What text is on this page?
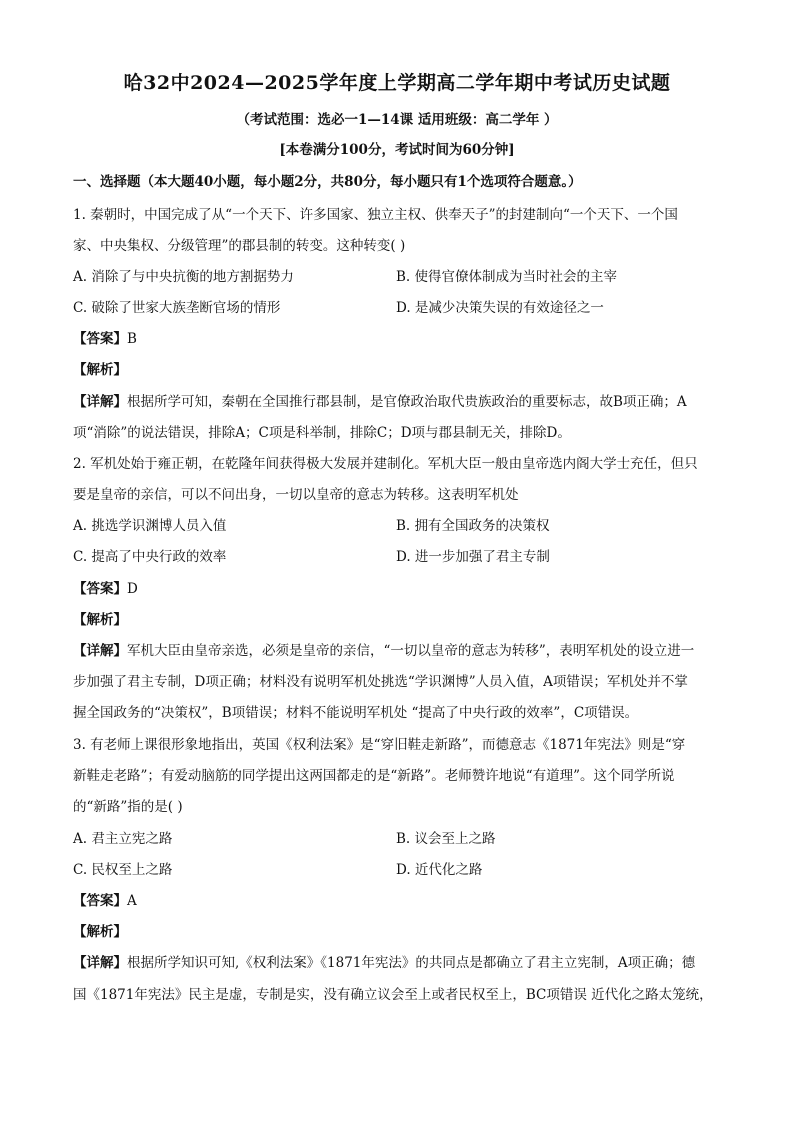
哈32中2024—2025学年度上学期高二学年期中考试历史试题
（考试范围：选必一1—14课 适用班级：高二学年 ）
[本卷满分100分，考试时间为60分钟]
一、选择题（本大题40小题，每小题2分，共80分，每小题只有1个选项符合题意。）
1. 秦朝时，中国完成了从“一个天下、许多国家、独立主权、供奉天子”的封建制向“一个天下、一个国
家、中央集权、分级管理”的郡县制的转变。这种转变( )
A. 消除了与中央抗衡的地方割据势力	B. 使得官僚体制成为当时社会的主宰
C. 破除了世家大族垄断官场的情形	D. 是减少决策失误的有效途径之一
【答案】B
【解析】
【详解】根据所学可知，秦朝在全国推行郡县制，是官僚政治取代贵族政治的重要标志，故B项正确；A
项“消除”的说法错误，排除A；C项是科举制，排除C；D项与郡县制无关，排除D。
2. 军机处始于雍正朝，在乾隆年间获得极大发展并建制化。军机大臣一般由皇帝选内阁大学士充任，但只
要是皇帝的亲信，可以不问出身，一切以皇帝的意志为转移。这表明军机处
A. 挑选学识渊博人员入值	B. 拥有全国政务的决策权
C. 提高了中央行政的效率	D. 进一步加强了君主专制
【答案】D
【解析】
【详解】军机大臣由皇帝亲选，必须是皇帝的亲信，“一切以皇帝的意志为转移”，表明军机处的设立进一
步加强了君主专制，D项正确；材料没有说明军机处挑选“学识渊博”人员入值，A项错误；军机处并不掌
握全国政务的“决策权”，B项错误；材料不能说明军机处 “提高了中央行政的效率”，C项错误。
3. 有老师上课很形象地指出，英国《权利法案》是“穿旧鞋走新路”，而德意志《1871年宪法》则是“穿
新鞋走老路”；有爱动脑筋的同学提出这两国都走的是“新路”。老师赞许地说“有道理”。这个同学所说
的“新路”指的是( )
A. 君主立宪之路	B. 议会至上之路
C. 民权至上之路	D. 近代化之路
【答案】A
【解析】
【详解】根据所学知识可知,《权利法案》《1871年宪法》的共同点是都确立了君主立宪制，A项正确；德
国《1871年宪法》民主是虚，专制是实，没有确立议会至上或者民权至上，BC项错误 近代化之路太笼统，
